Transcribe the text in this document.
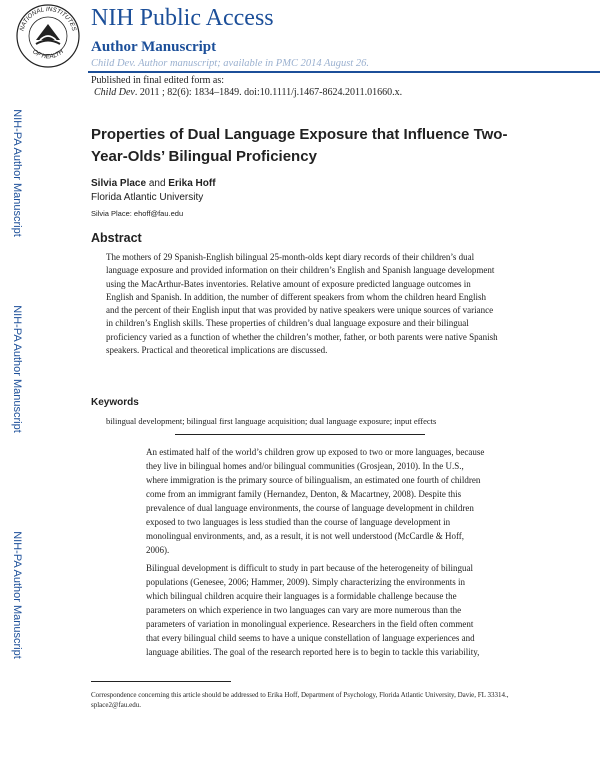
NATIONAL INSTITUTES
OF HEALTH
NIH Public Access
Author Manuscript
Child Dev. Author manuscript; available in PMC 2014 August 26.
Published in final edited form as:
Child Dev. 2011 ; 82(6): 1834–1849. doi:10.1111/j.1467-8624.2011.01660.x.
NIH-PA Author Manuscript
NIH-PA Author Manuscript
NIH-PA Author Manuscript
Properties of Dual Language Exposure that Influence Two-Year-Olds’ Bilingual Proficiency
Silvia Place and Erika Hoff
Florida Atlantic University
Silvia Place: ehoff@fau.edu
Abstract
The mothers of 29 Spanish-English bilingual 25-month-olds kept diary records of their children’s dual language exposure and provided information on their children’s English and Spanish language development using the MacArthur-Bates inventories. Relative amount of exposure predicted language outcomes in English and Spanish. In addition, the number of different speakers from whom the children heard English and the percent of their English input that was provided by native speakers were unique sources of variance in children’s English skills. These properties of children’s dual language exposure and their bilingual proficiency varied as a function of whether the children’s mother, father, or both parents were native Spanish speakers. Practical and theoretical implications are discussed.
Keywords
bilingual development; bilingual first language acquisition; dual language exposure; input effects
An estimated half of the world’s children grow up exposed to two or more languages, because they live in bilingual homes and/or bilingual communities (Grosjean, 2010). In the U.S., where immigration is the primary source of bilingualism, an estimated one fourth of children come from an immigrant family (Hernandez, Denton, & Macartney, 2008). Despite this prevalence of dual language environments, the course of language development in children exposed to two languages is less studied than the course of language development in monolingual environments, and, as a result, it is not well understood (McCardle & Hoff, 2006).
Bilingual development is difficult to study in part because of the heterogeneity of bilingual populations (Genesee, 2006; Hammer, 2009). Simply characterizing the environments in which bilingual children acquire their languages is a formidable challenge because the parameters on which experience in two languages can vary are more numerous than the parameters of variation in monolingual experience. Researchers in the field often comment that every bilingual child seems to have a unique constellation of language experiences and language abilities. The goal of the research reported here is to begin to tackle this variability,
Correspondence concerning this article should be addressed to Erika Hoff, Department of Psychology, Florida Atlantic University, Davie, FL 33314., splace2@fau.edu.
